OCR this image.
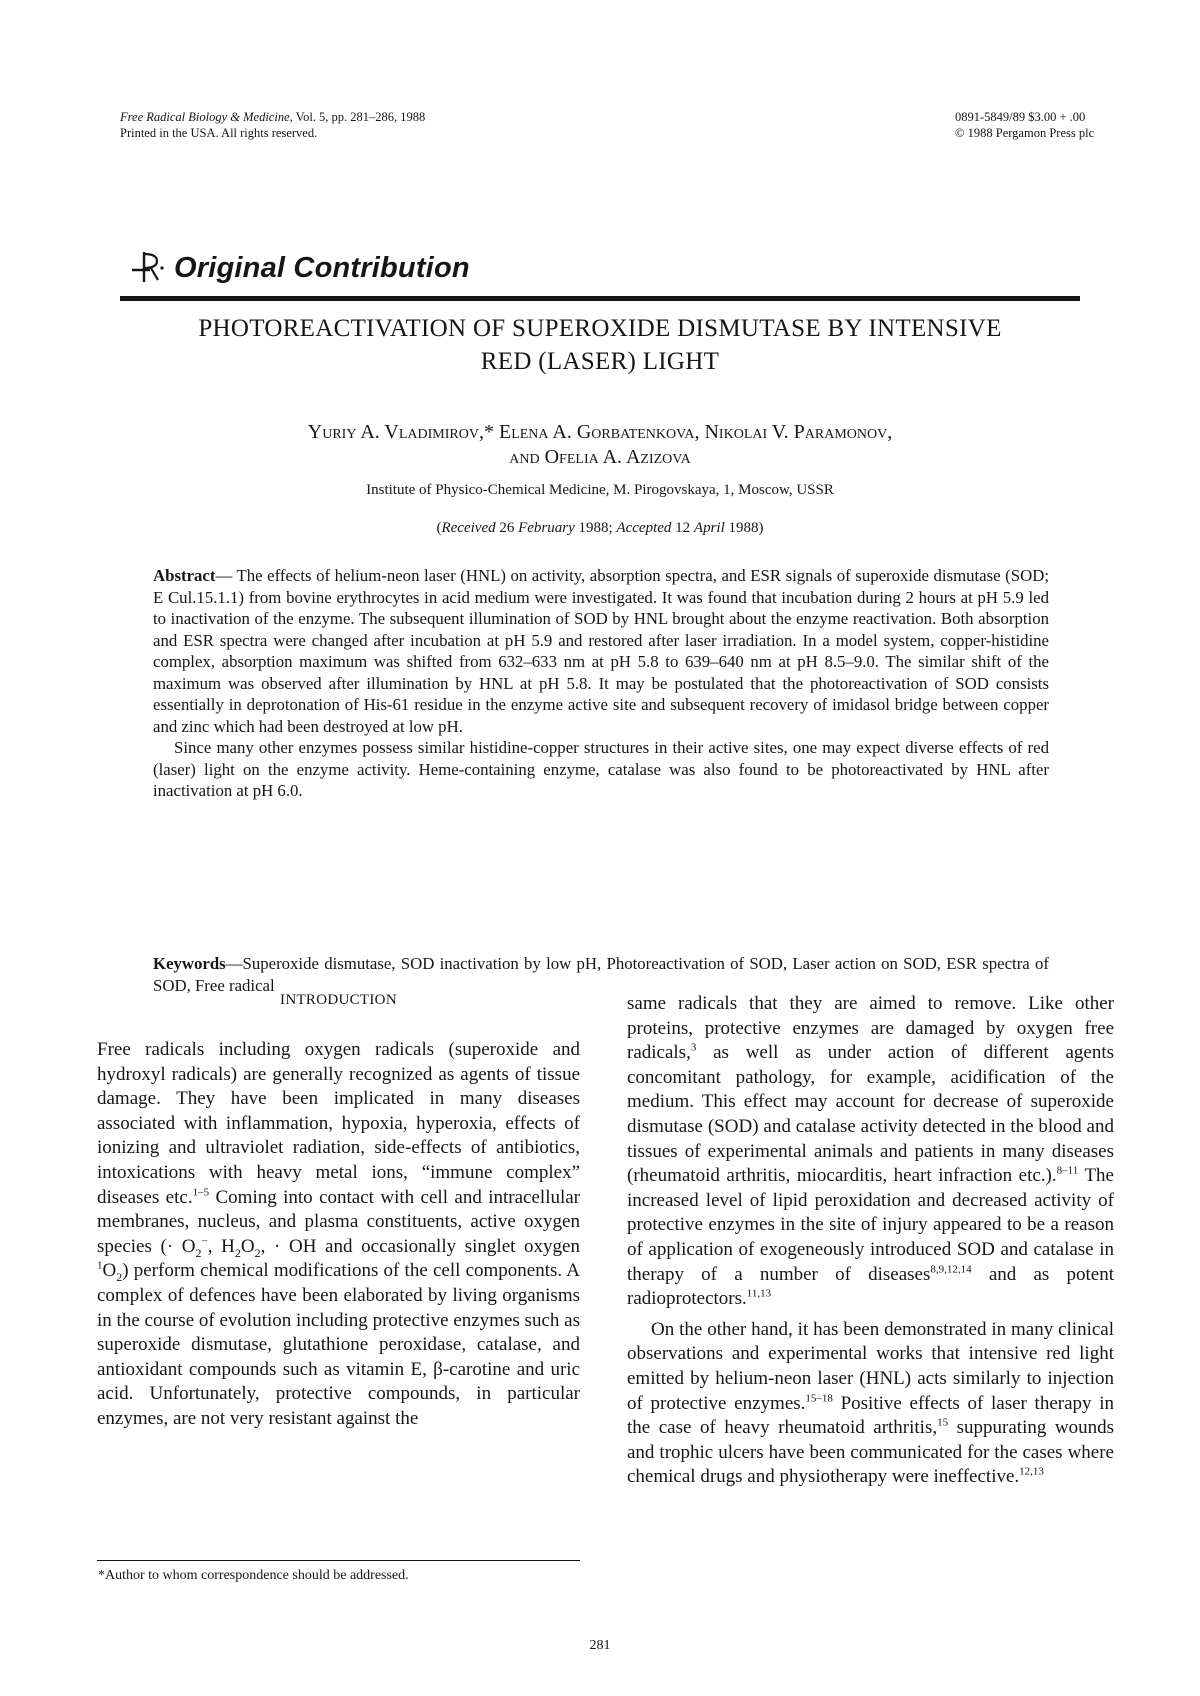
Free Radical Biology & Medicine, Vol. 5, pp. 281–286, 1988
Printed in the USA. All rights reserved.
0891-5849/89 $3.00 + .00
© 1988 Pergamon Press plc
Original Contribution
PHOTOREACTIVATION OF SUPEROXIDE DISMUTASE BY INTENSIVE
RED (LASER) LIGHT
Yuriy A. Vladimirov,* Elena A. Gorbatenkova, Nikolai V. Paramonov,
and Ofelia A. Azizova
Institute of Physico-Chemical Medicine, M. Pirogovskaya, 1, Moscow, USSR
(Received 26 February 1988; Accepted 12 April 1988)

Abstract— The effects of helium-neon laser (HNL) on activity, absorption spectra, and ESR signals of superoxide dismutase (SOD; E Cul.15.1.1) from bovine erythrocytes in acid medium were investigated. It was found that incubation during 2 hours at pH 5.9 led to inactivation of the enzyme. The subsequent illumination of SOD by HNL brought about the enzyme reactivation. Both absorption and ESR spectra were changed after incubation at pH 5.9 and restored after laser irradiation. In a model system, copper-histidine complex, absorption maximum was shifted from 632–633 nm at pH 5.8 to 639–640 nm at pH 8.5–9.0. The similar shift of the maximum was observed after illumination by HNL at pH 5.8. It may be postulated that the photoreactivation of SOD consists essentially in deprotonation of His-61 residue in the enzyme active site and subsequent recovery of imidasol bridge between copper and zinc which had been destroyed at low pH.

Since many other enzymes possess similar histidine-copper structures in their active sites, one may expect diverse effects of red (laser) light on the enzyme activity. Heme-containing enzyme, catalase was also found to be photoreactivated by HNL after inactivation at pH 6.0.

Keywords—Superoxide dismutase, SOD inactivation by low pH, Photoreactivation of SOD, Laser action on SOD, ESR spectra of SOD, Free radical
INTRODUCTION

Free radicals including oxygen radicals (superoxide and hydroxyl radicals) are generally recognized as agents of tissue damage. They have been implicated in many diseases associated with inflammation, hypoxia, hyperoxia, effects of ionizing and ultraviolet radiation, side-effects of antibiotics, intoxications with heavy metal ions, “immune complex” diseases etc.$^{1-5}$ Coming into contact with cell and intracellular membranes, nucleus, and plasma constituents, active oxygen species (· $O_2^-$, $H_2O_2$, · OH and occasionally singlet oxygen $^1O_2$) perform chemical modifications of the cell components. A complex of defences have been elaborated by living organisms in the course of evolution including protective enzymes such as superoxide dismutase, glutathione peroxidase, catalase, and antioxidant compounds such as vitamin E, β-carotine and uric acid. Unfortunately, protective compounds, in particular enzymes, are not very resistant against the

same radicals that they are aimed to remove. Like other proteins, protective enzymes are damaged by oxygen free radicals,$^3$ as well as under action of different agents concomitant pathology, for example, acidification of the medium. This effect may account for decrease of superoxide dismutase (SOD) and catalase activity detected in the blood and tissues of experimental animals and patients in many diseases (rheumatoid arthritis, miocarditis, heart infraction etc.).$^{8-11}$ The increased level of lipid peroxidation and decreased activity of protective enzymes in the site of injury appeared to be a reason of application of exogeneously introduced SOD and catalase in therapy of a number of diseases$^{8,9,12,14}$ and as potent radioprotectors.$^{11,13}$

On the other hand, it has been demonstrated in many clinical observations and experimental works that intensive red light emitted by helium-neon laser (HNL) acts similarly to injection of protective enzymes.$^{15-18}$ Positive effects of laser therapy in the case of heavy rheumatoid arthritis,$^{15}$ suppurating wounds and trophic ulcers have been communicated for the cases where chemical drugs and physiotherapy were ineffective.$^{12,13}$

*Author to whom correspondence should be addressed.
281
